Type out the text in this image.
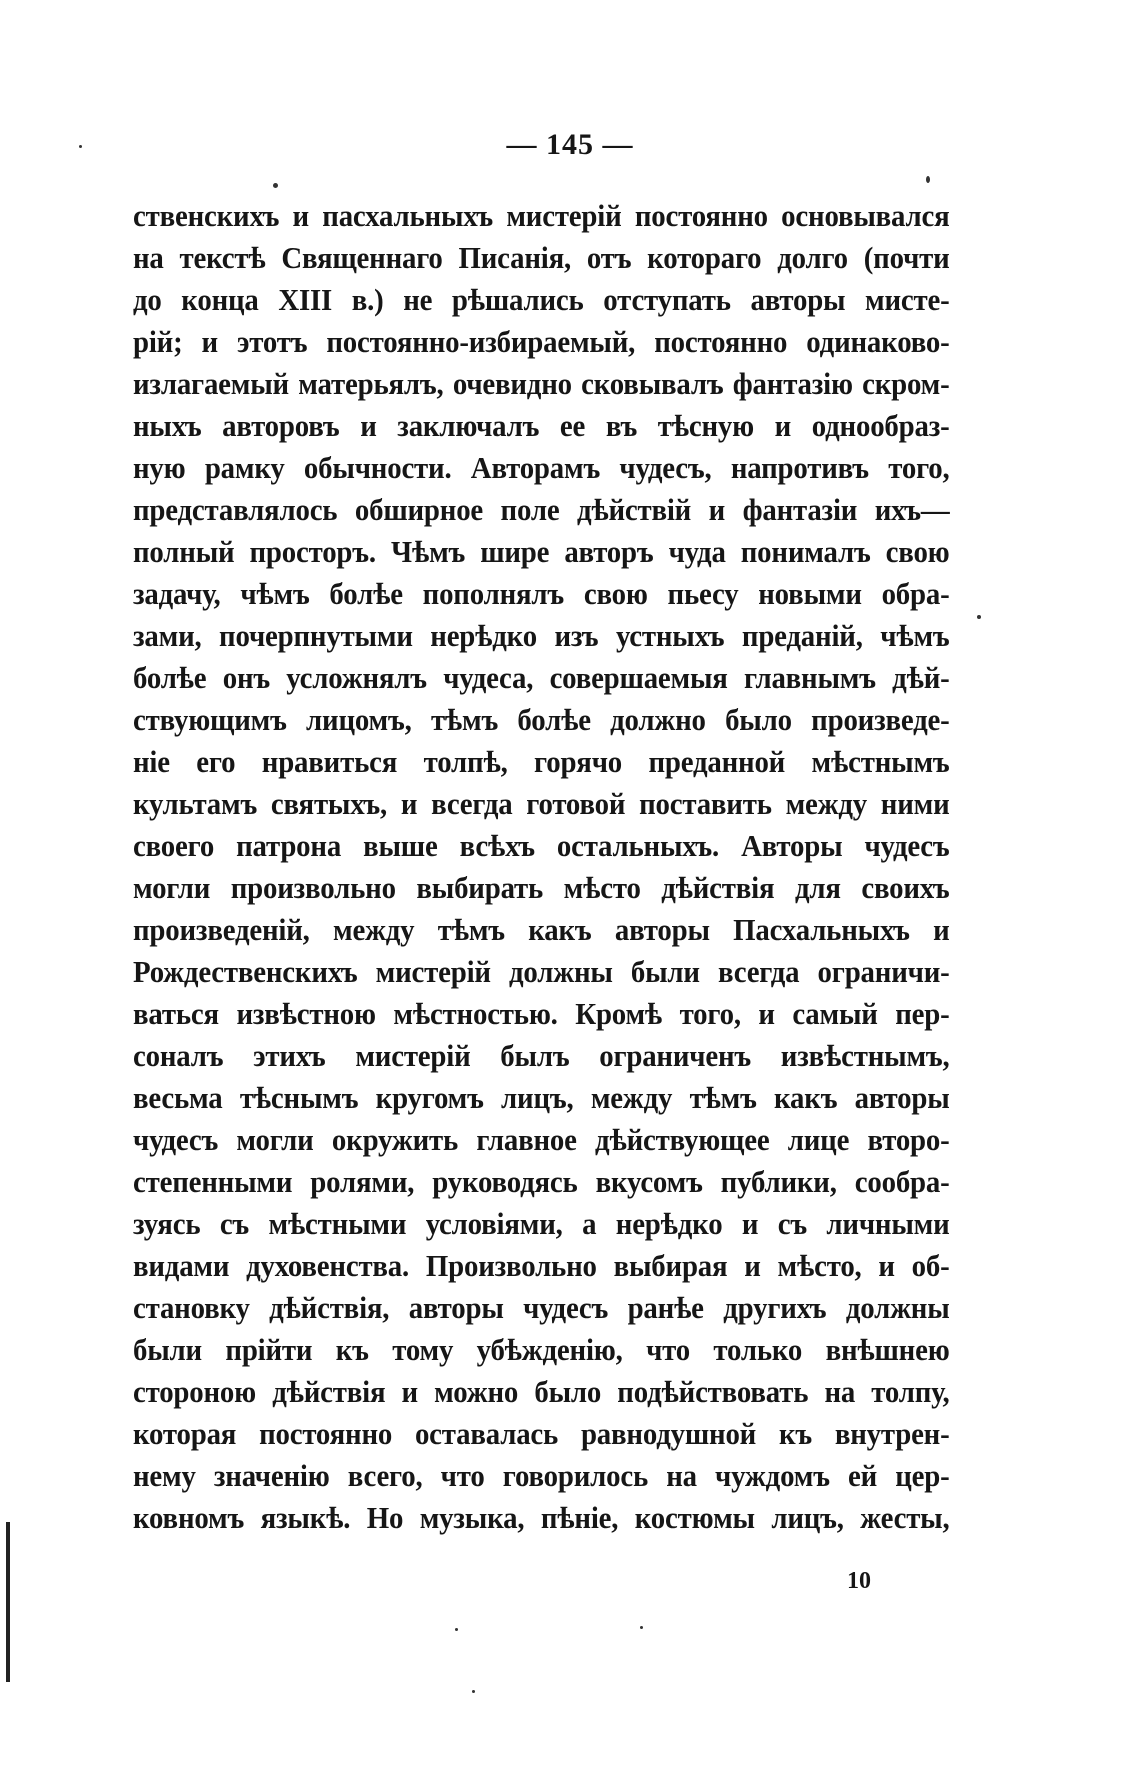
— 145 —
ственскихъ и пасхальныхъ мистерій постоянно основывался
на текстѣ Священнаго Писанія, отъ котораго долго (почти
до конца XIII в.) не рѣшались отступать авторы мисте-
рій; и этотъ постоянно-избираемый, постоянно одинаково-
излагаемый матерьялъ, очевидно сковывалъ фантазію скром-
ныхъ авторовъ и заключалъ ее въ тѣсную и однообраз-
ную рамку обычности. Авторамъ чудесъ, напротивъ того,
представлялось обширное поле дѣйствій и фантазіи ихъ—
полный просторъ. Чѣмъ шире авторъ чуда понималъ свою
задачу, чѣмъ болѣе пополнялъ свою пьесу новыми обра-
зами, почерпнутыми нерѣдко изъ устныхъ преданій, чѣмъ
болѣе онъ усложнялъ чудеса, совершаемыя главнымъ дѣй-
ствующимъ лицомъ, тѣмъ болѣе должно было произведе-
ніе его нравиться толпѣ, горячо преданной мѣстнымъ
культамъ святыхъ, и всегда готовой поставить между ними
своего патрона выше всѣхъ остальныхъ. Авторы чудесъ
могли произвольно выбирать мѣсто дѣйствія для своихъ
произведеній, между тѣмъ какъ авторы Пасхальныхъ и
Рождественскихъ мистерій должны были всегда ограничи-
ваться извѣстною мѣстностью. Кромѣ того, и самый пер-
соналъ этихъ мистерій былъ ограниченъ извѣстнымъ,
весьма тѣснымъ кругомъ лицъ, между тѣмъ какъ авторы
чудесъ могли окружить главное дѣйствующее лице второ-
степенными ролями, руководясь вкусомъ публики, сообра-
зуясь съ мѣстными условіями, а нерѣдко и съ личными
видами духовенства. Произвольно выбирая и мѣсто, и об-
становку дѣйствія, авторы чудесъ ранѣе другихъ должны
были прійти къ тому убѣжденію, что только внѣшнею
стороною дѣйствія и можно было подѣйствовать на толпу,
которая постоянно оставалась равнодушной къ внутрен-
нему значенію всего, что говорилось на чуждомъ ей цер-
ковномъ языкѣ. Но музыка, пѣніе, костюмы лицъ, жесты,
10
